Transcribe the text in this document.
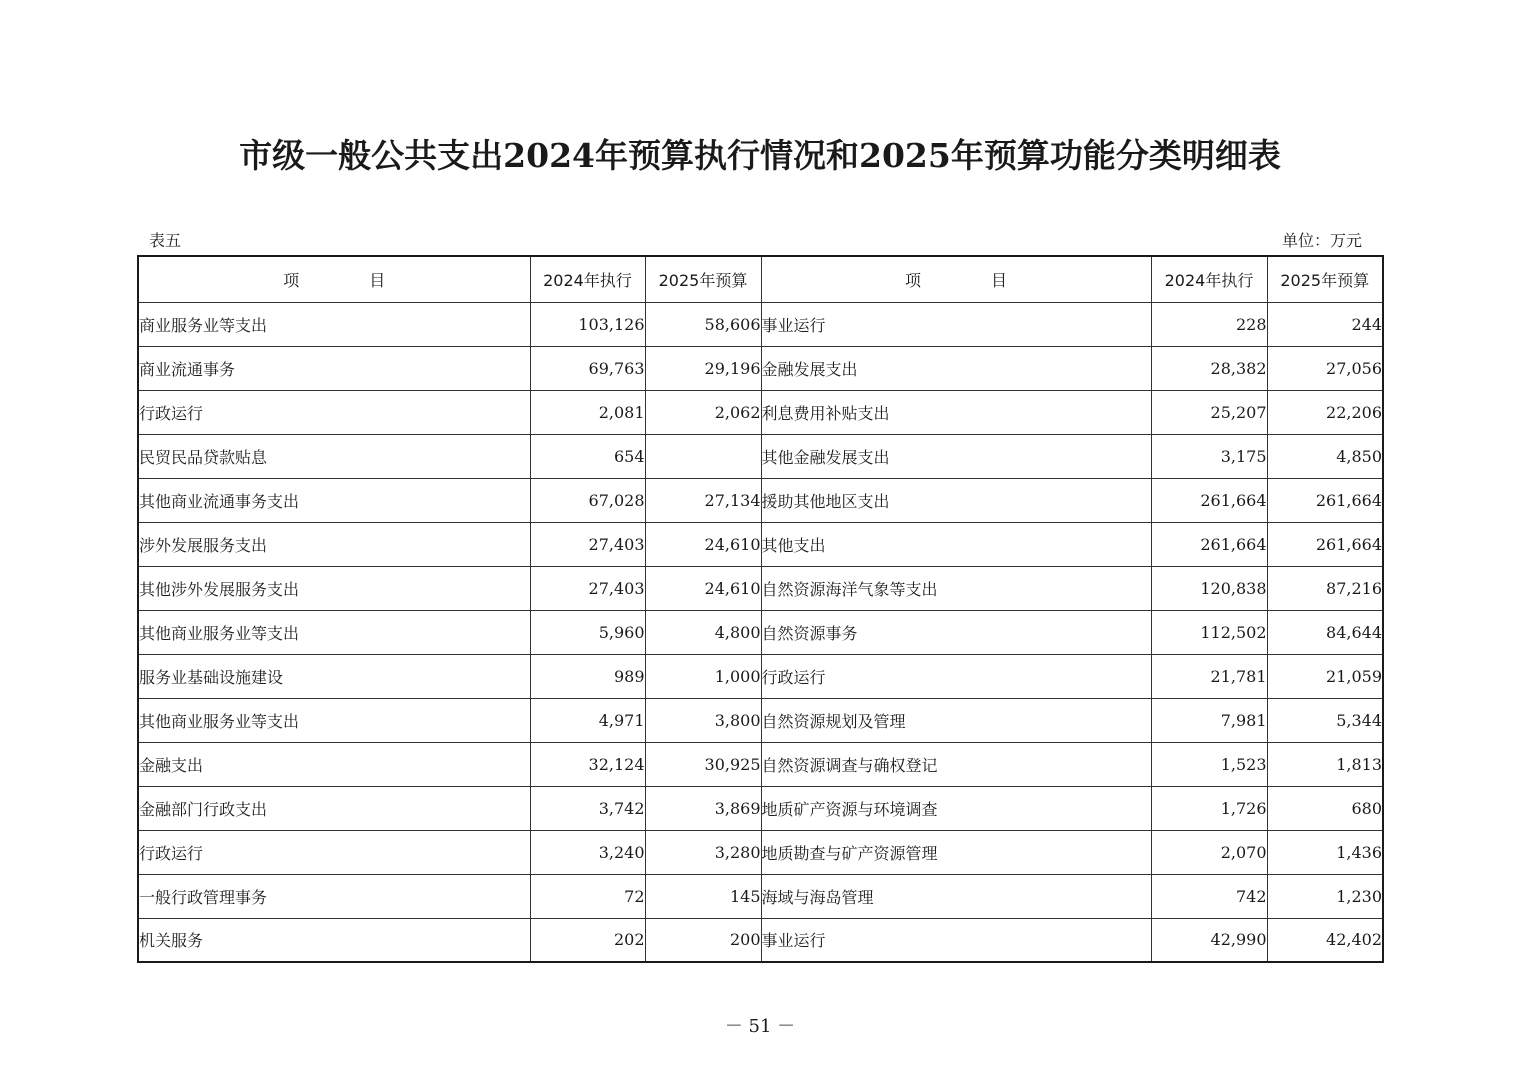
市级一般公共支出2024年预算执行情况和2025年预算功能分类明细表
表五	单位：万元
项 目	2024年执行	2025年预算	项 目	2024年执行	2025年预算
商业服务业等支出	103,126	58,606	事业运行	228	244
商业流通事务	69,763	29,196	金融发展支出	28,382	27,056
行政运行	2,081	2,062	利息费用补贴支出	25,207	22,206
民贸民品贷款贴息	654		其他金融发展支出	3,175	4,850
其他商业流通事务支出	67,028	27,134	援助其他地区支出	261,664	261,664
涉外发展服务支出	27,403	24,610	其他支出	261,664	261,664
其他涉外发展服务支出	27,403	24,610	自然资源海洋气象等支出	120,838	87,216
其他商业服务业等支出	5,960	4,800	自然资源事务	112,502	84,644
服务业基础设施建设	989	1,000	行政运行	21,781	21,059
其他商业服务业等支出	4,971	3,800	自然资源规划及管理	7,981	5,344
金融支出	32,124	30,925	自然资源调查与确权登记	1,523	1,813
金融部门行政支出	3,742	3,869	地质矿产资源与环境调查	1,726	680
行政运行	3,240	3,280	地质勘查与矿产资源管理	2,070	1,436
一般行政管理事务	72	145	海域与海岛管理	742	1,230
机关服务	202	200	事业运行	42,990	42,402
－ 51 －
